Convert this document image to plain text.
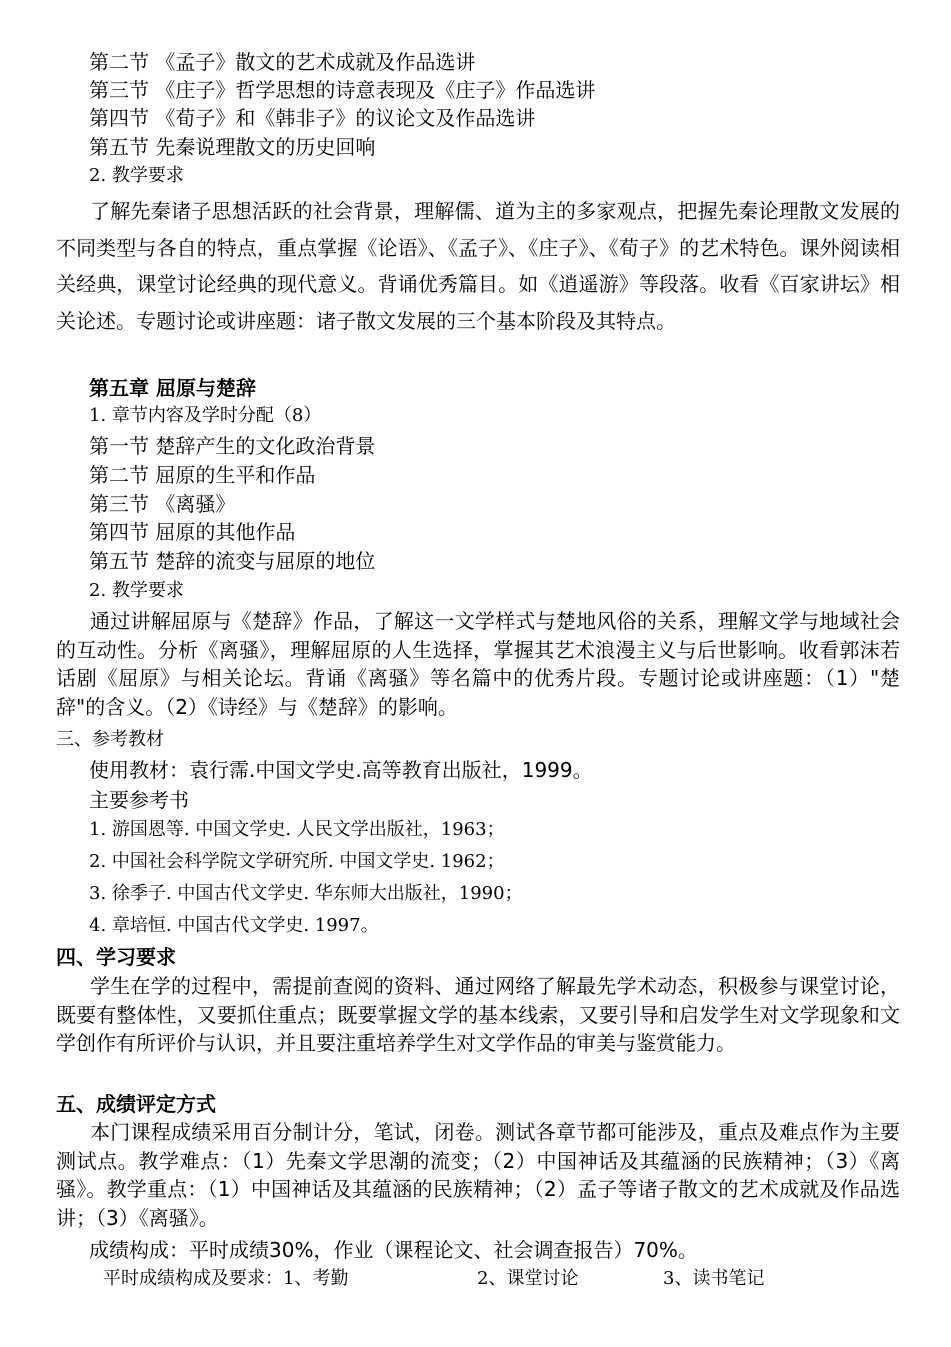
第二节 《孟子》散文的艺术成就及作品选讲
第三节 《庄子》哲学思想的诗意表现及《庄子》作品选讲
第四节 《荀子》和《韩非子》的议论文及作品选讲
第五节 先秦说理散文的历史回响
2. 教学要求

了解先秦诸子思想活跃的社会背景，理解儒、道为主的多家观点，把握先秦论理散文发展的不同类型与各自的特点，重点掌握《论语》、《孟子》、《庄子》、《荀子》的艺术特色。课外阅读相关经典，课堂讨论经典的现代意义。背诵优秀篇目。如《逍遥游》等段落。收看《百家讲坛》相关论述。专题讨论或讲座题：诸子散文发展的三个基本阶段及其特点。

第五章 屈原与楚辞
1. 章节内容及学时分配（8）
第一节 楚辞产生的文化政治背景
第二节 屈原的生平和作品
第三节 《离骚》
第四节 屈原的其他作品
第五节 楚辞的流变与屈原的地位
2. 教学要求

通过讲解屈原与《楚辞》作品，了解这一文学样式与楚地风俗的关系，理解文学与地域社会的互动性。分析《离骚》，理解屈原的人生选择，掌握其艺术浪漫主义与后世影响。收看郭沫若话剧《屈原》与相关论坛。背诵《离骚》等名篇中的优秀片段。专题讨论或讲座题：（1）"楚辞"的含义。（2）《诗经》与《楚辞》的影响。

三、参考教材
使用教材：袁行霈.中国文学史.高等教育出版社，1999。
主要参考书
1. 游国恩等. 中国文学史. 人民文学出版社，1963；
2. 中国社会科学院文学研究所. 中国文学史. 1962；
3. 徐季子. 中国古代文学史. 华东师大出版社，1990；
4. 章培恒. 中国古代文学史. 1997。
四、学习要求

学生在学的过程中，需提前查阅的资料、通过网络了解最先学术动态，积极参与课堂讨论，既要有整体性，又要抓住重点；既要掌握文学的基本线索，又要引导和启发学生对文学现象和文学创作有所评价与认识，并且要注重培养学生对文学作品的审美与鉴赏能力。

五、成绩评定方式

本门课程成绩采用百分制计分，笔试，闭卷。测试各章节都可能涉及，重点及难点作为主要测试点。教学难点：（1）先秦文学思潮的流变；（2）中国神话及其蕴涵的民族精神；（3）《离骚》。教学重点：（1）中国神话及其蕴涵的民族精神；（2）孟子等诸子散文的艺术成就及作品选讲；（3）《离骚》。

成绩构成：平时成绩30%，作业（课程论文、社会调查报告）70%。
平时成绩构成及要求：1、考勤	2、课堂讨论	3、读书笔记
